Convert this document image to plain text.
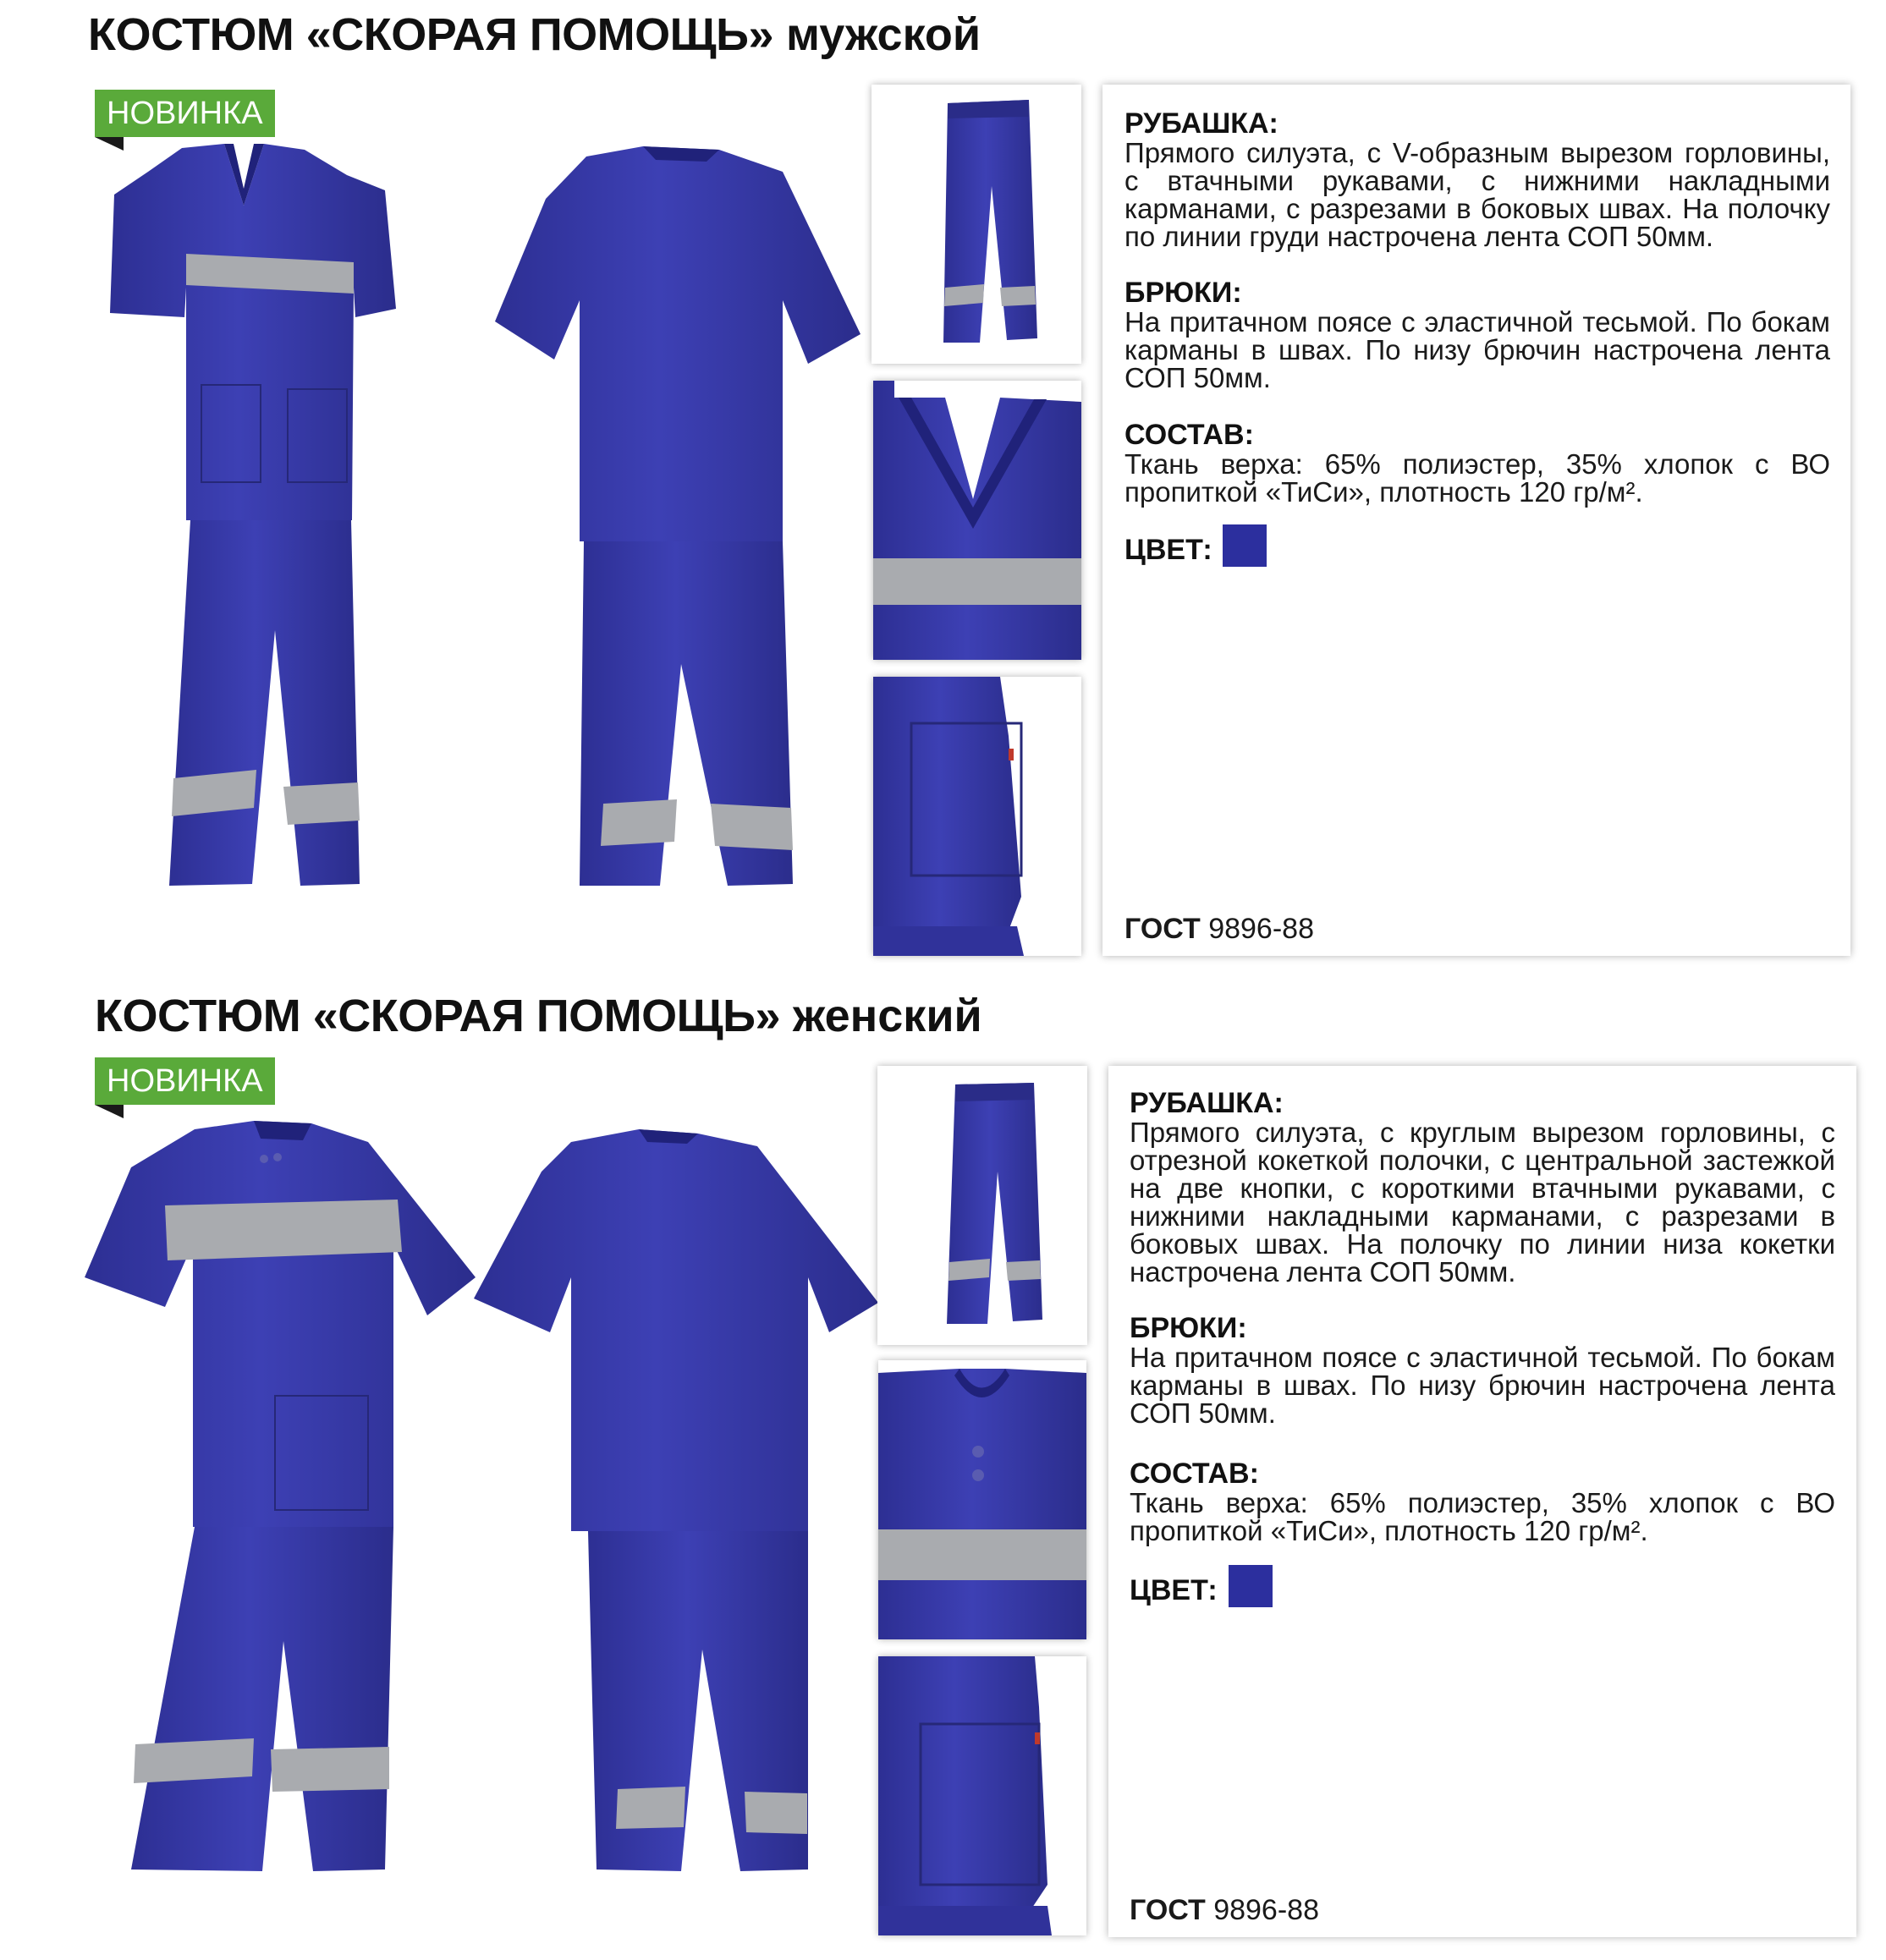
КОСТЮМ «СКОРАЯ ПОМОЩЬ» мужской
НОВИНКА	РУБАШКА:
Прямого силуэта, с V-образным вырезом горловины, с втачными рукавами, с нижними накладными карманами, с разрезами в боковых швах. На полочку по линии груди настрочена лента СОП 50мм.
БРЮКИ:
На притачном поясе с эластичной тесьмой. По бокам карманы в швах. По низу брючин настрочена лента СОП 50мм.
СОСТАВ:
Ткань верха: 65% полиэстер, 35% хлопок с ВО пропиткой «ТиСи», плотность 120 гр/м².
ЦВЕТ:
ГОСТ 9896-88
КОСТЮМ «СКОРАЯ ПОМОЩЬ» женский
НОВИНКА
РУБАШКА:
Прямого силуэта, с круглым вырезом горловины, с отрезной кокеткой полочки, с центральной застежкой на две кнопки, с короткими втачными рукавами, с нижними накладными карманами, с разрезами в боковых швах. На полочку по линии низа кокетки настрочена лента СОП 50мм.
БРЮКИ:
На притачном поясе с эластичной тесьмой. По бокам карманы в швах. По низу брючин настрочена лента СОП 50мм.
СОСТАВ:
Ткань верха: 65% полиэстер, 35% хлопок с ВО пропиткой «ТиСи», плотность 120 гр/м².
ЦВЕТ:
ГОСТ 9896-88
